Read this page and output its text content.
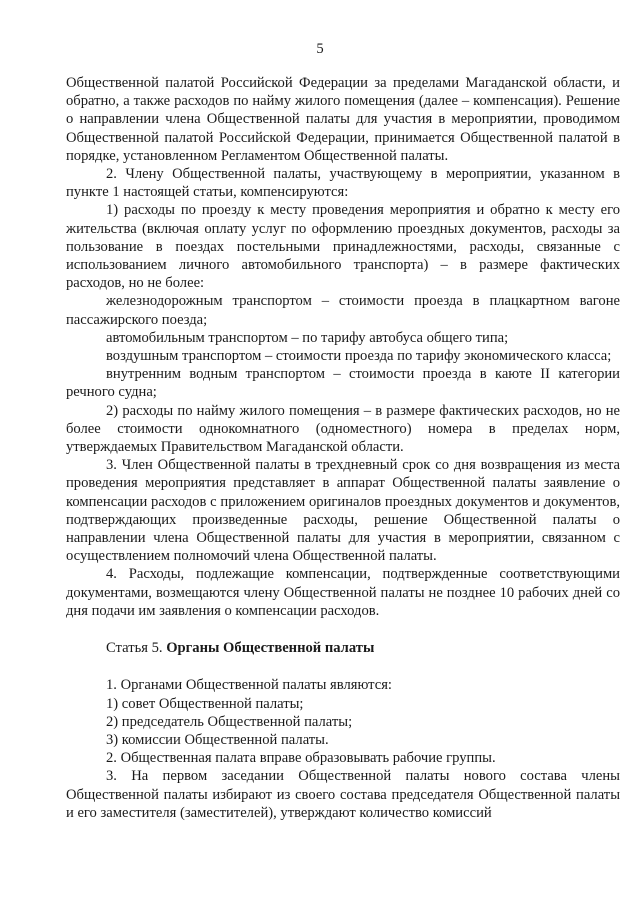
5

Общественной палатой Российской Федерации за пределами Магаданской области, и обратно, а также расходов по найму жилого помещения (далее – компенсация). Решение о направлении члена Общественной палаты для участия в мероприятии, проводимом Общественной палатой Российской Федерации, принимается Общественной палатой в порядке, установленном Регламентом Общественной палаты.

2. Члену Общественной палаты, участвующему в мероприятии, указанном в пункте 1 настоящей статьи, компенсируются:

1) расходы по проезду к месту проведения мероприятия и обратно к месту его жительства (включая оплату услуг по оформлению проездных документов, расходы за пользование в поездах постельными принадлежностями, расходы, связанные с использованием личного автомобильного транспорта) – в размере фактических расходов, но не более:

железнодорожным транспортом – стоимости проезда в плацкартном вагоне пассажирского поезда;

автомобильным транспортом – по тарифу автобуса общего типа;

воздушным транспортом – стоимости проезда по тарифу экономического класса;

внутренним водным транспортом – стоимости проезда в каюте II категории речного судна;

2) расходы по найму жилого помещения – в размере фактических расходов, но не более стоимости однокомнатного (одноместного) номера в пределах норм, утверждаемых Правительством Магаданской области.

3. Член Общественной палаты в трехдневный срок со дня возвращения из места проведения мероприятия представляет в аппарат Общественной палаты заявление о компенсации расходов с приложением оригиналов проездных документов и документов, подтверждающих произведенные расходы, решение Общественной палаты о направлении члена Общественной палаты для участия в мероприятии, связанном с осуществлением полномочий члена Общественной палаты.

4. Расходы, подлежащие компенсации, подтвержденные соответствующими документами, возмещаются члену Общественной палаты не позднее 10 рабочих дней со дня подачи им заявления о компенсации расходов.

Статья 5. Органы Общественной палаты

1. Органами Общественной палаты являются:

1) совет Общественной палаты;

2) председатель Общественной палаты;

3) комиссии Общественной палаты.

2. Общественная палата вправе образовывать рабочие группы.

3. На первом заседании Общественной палаты нового состава члены Общественной палаты избирают из своего состава председателя Общественной палаты и его заместителя (заместителей), утверждают количество комиссий
